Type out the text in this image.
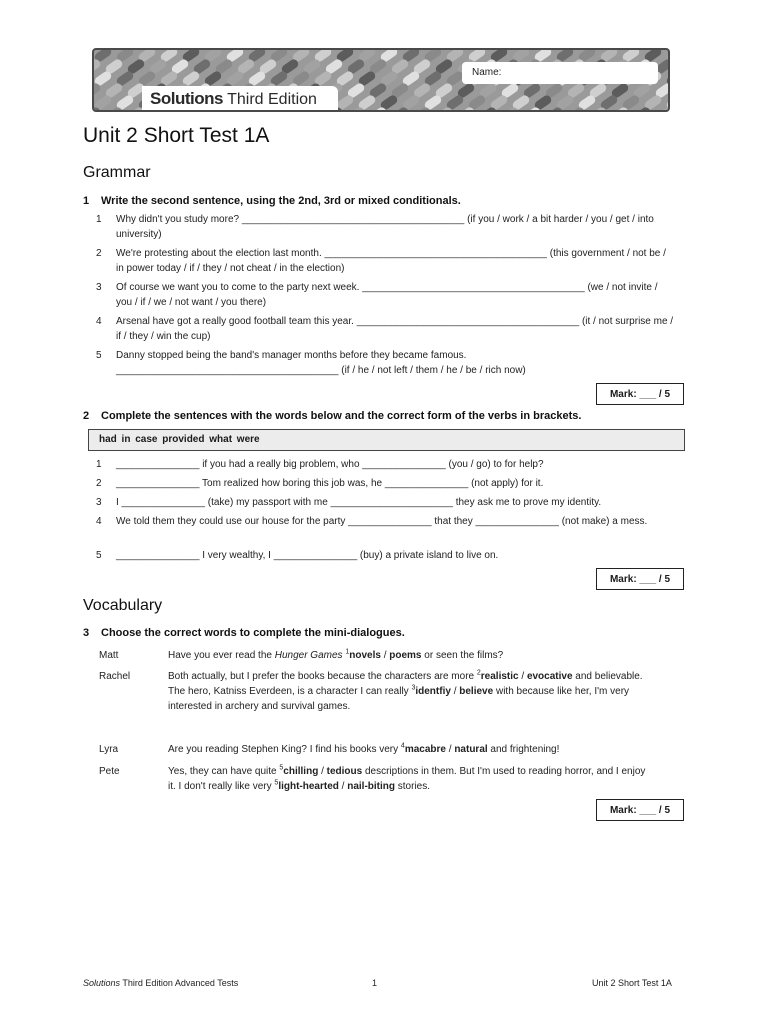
Name:
Solutions Third Edition
Unit 2 Short Test 1A
Grammar
1 Write the second sentence, using the 2nd, 3rd or mixed conditionals.
1	Why didn't you study more? ________________________________________ (if you / work / a bit harder / you / get / into university)
2	We're protesting about the election last month. ________________________________________ (this government / not be / in power today / if / they / not cheat / in the election)
3	Of course we want you to come to the party next week. ________________________________________ (we / not invite / you / if / we / not want / you there)
4	Arsenal have got a really good football team this year. ________________________________________ (it / not surprise me / if / they / win the cup)
5	Danny stopped being the band's manager months before they became famous. ________________________________________ (if / he / not left / them / he / be / rich now)
Mark: ___ / 5
2 Complete the sentences with the words below and the correct form of the verbs in brackets.
had in case provided what were
1	_______________ if you had a really big problem, who _______________ (you / go) to for help?
2	_______________ Tom realized how boring this job was, he _______________ (not apply) for it.
3	I _______________ (take) my passport with me ______________________ they ask me to prove my identity.
4	We told them they could use our house for the party _______________ that they _______________ (not make) a mess.
5	_______________ I very wealthy, I _______________ (buy) a private island to live on.
Mark: ___ / 5
Vocabulary
3 Choose the correct words to complete the mini-dialogues.
Matt	Have you ever read the Hunger Games $^1$novels / poems or seen the films?
Rachel	Both actually, but I prefer the books because the characters are more $^2$realistic / evocative and believable.
The hero, Katniss Everdeen, is a character I can really $^3$identfiy / believe with because like her, I'm very
interested in archery and survival games.
Lyra	Are you reading Stephen King? I find his books very $^4$macabre / natural and frightening!
Pete	Yes, they can have quite $^5$chilling / tedious descriptions in them. But I'm used to reading horror, and I enjoy
it. I don't really like very $^5$light-hearted / nail-biting stories.
Mark: ___ / 5
Solutions Third Edition Advanced Tests	1	Unit 2 Short Test 1A
